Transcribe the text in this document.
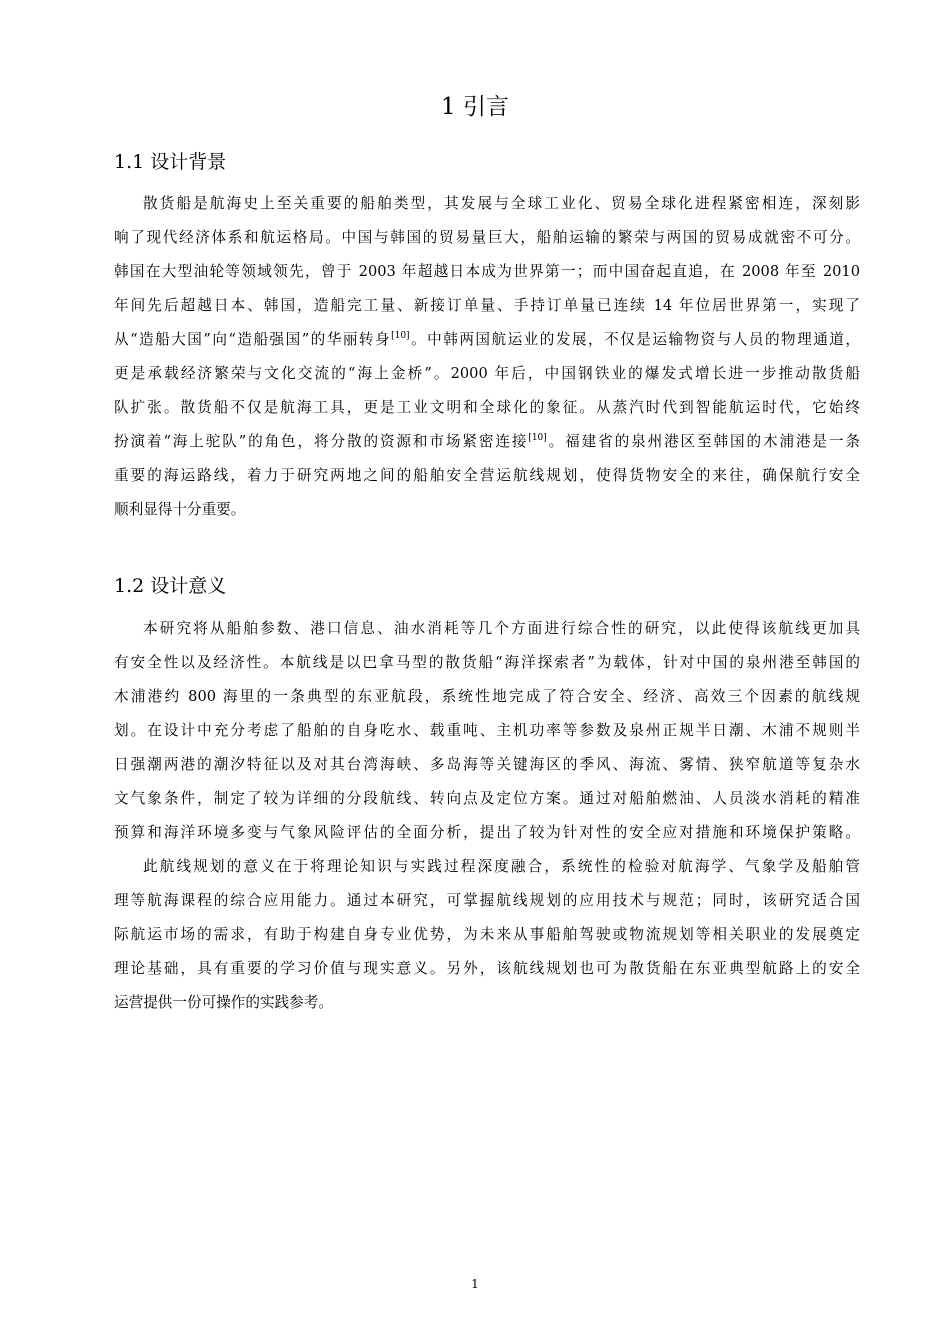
1 引言
1.1 设计背景
散货船是航海史上至关重要的船舶类型，其发展与全球工业化、贸易全球化进程紧密相连，深刻影
响了现代经济体系和航运格局。中国与韩国的贸易量巨大，船舶运输的繁荣与两国的贸易成就密不可分。
韩国在大型油轮等领域领先，曾于 2003 年超越日本成为世界第一；而中国奋起直追，在 2008 年至 2010
年间先后超越日本、韩国，造船完工量、新接订单量、手持订单量已连续 14 年位居世界第一，实现了
从“造船大国”向“造船强国”的华丽转身[10]。中韩两国航运业的发展，不仅是运输物资与人员的物理通道，
更是承载经济繁荣与文化交流的“海上金桥”。2000 年后，中国钢铁业的爆发式增长进一步推动散货船
队扩张。散货船不仅是航海工具，更是工业文明和全球化的象征。从蒸汽时代到智能航运时代，它始终
扮演着“海上驼队”的角色，将分散的资源和市场紧密连接[10]。福建省的泉州港区至韩国的木浦港是一条
重要的海运路线，着力于研究两地之间的船舶安全营运航线规划，使得货物安全的来往，确保航行安全
顺利显得十分重要。
1.2 设计意义
本研究将从船舶参数、港口信息、油水消耗等几个方面进行综合性的研究，以此使得该航线更加具
有安全性以及经济性。本航线是以巴拿马型的散货船“海洋探索者”为载体，针对中国的泉州港至韩国的
木浦港约 800 海里的一条典型的东亚航段，系统性地完成了符合安全、经济、高效三个因素的航线规
划。在设计中充分考虑了船舶的自身吃水、载重吨、主机功率等参数及泉州正规半日潮、木浦不规则半
日强潮两港的潮汐特征以及对其台湾海峡、多岛海等关键海区的季风、海流、雾情、狭窄航道等复杂水
文气象条件，制定了较为详细的分段航线、转向点及定位方案。通过对船舶燃油、人员淡水消耗的精准
预算和海洋环境多变与气象风险评估的全面分析，提出了较为针对性的安全应对措施和环境保护策略。
此航线规划的意义在于将理论知识与实践过程深度融合，系统性的检验对航海学、气象学及船舶管
理等航海课程的综合应用能力。通过本研究，可掌握航线规划的应用技术与规范；同时，该研究适合国
际航运市场的需求，有助于构建自身专业优势，为未来从事船舶驾驶或物流规划等相关职业的发展奠定
理论基础，具有重要的学习价值与现实意义。另外，该航线规划也可为散货船在东亚典型航路上的安全
运营提供一份可操作的实践参考。
1
